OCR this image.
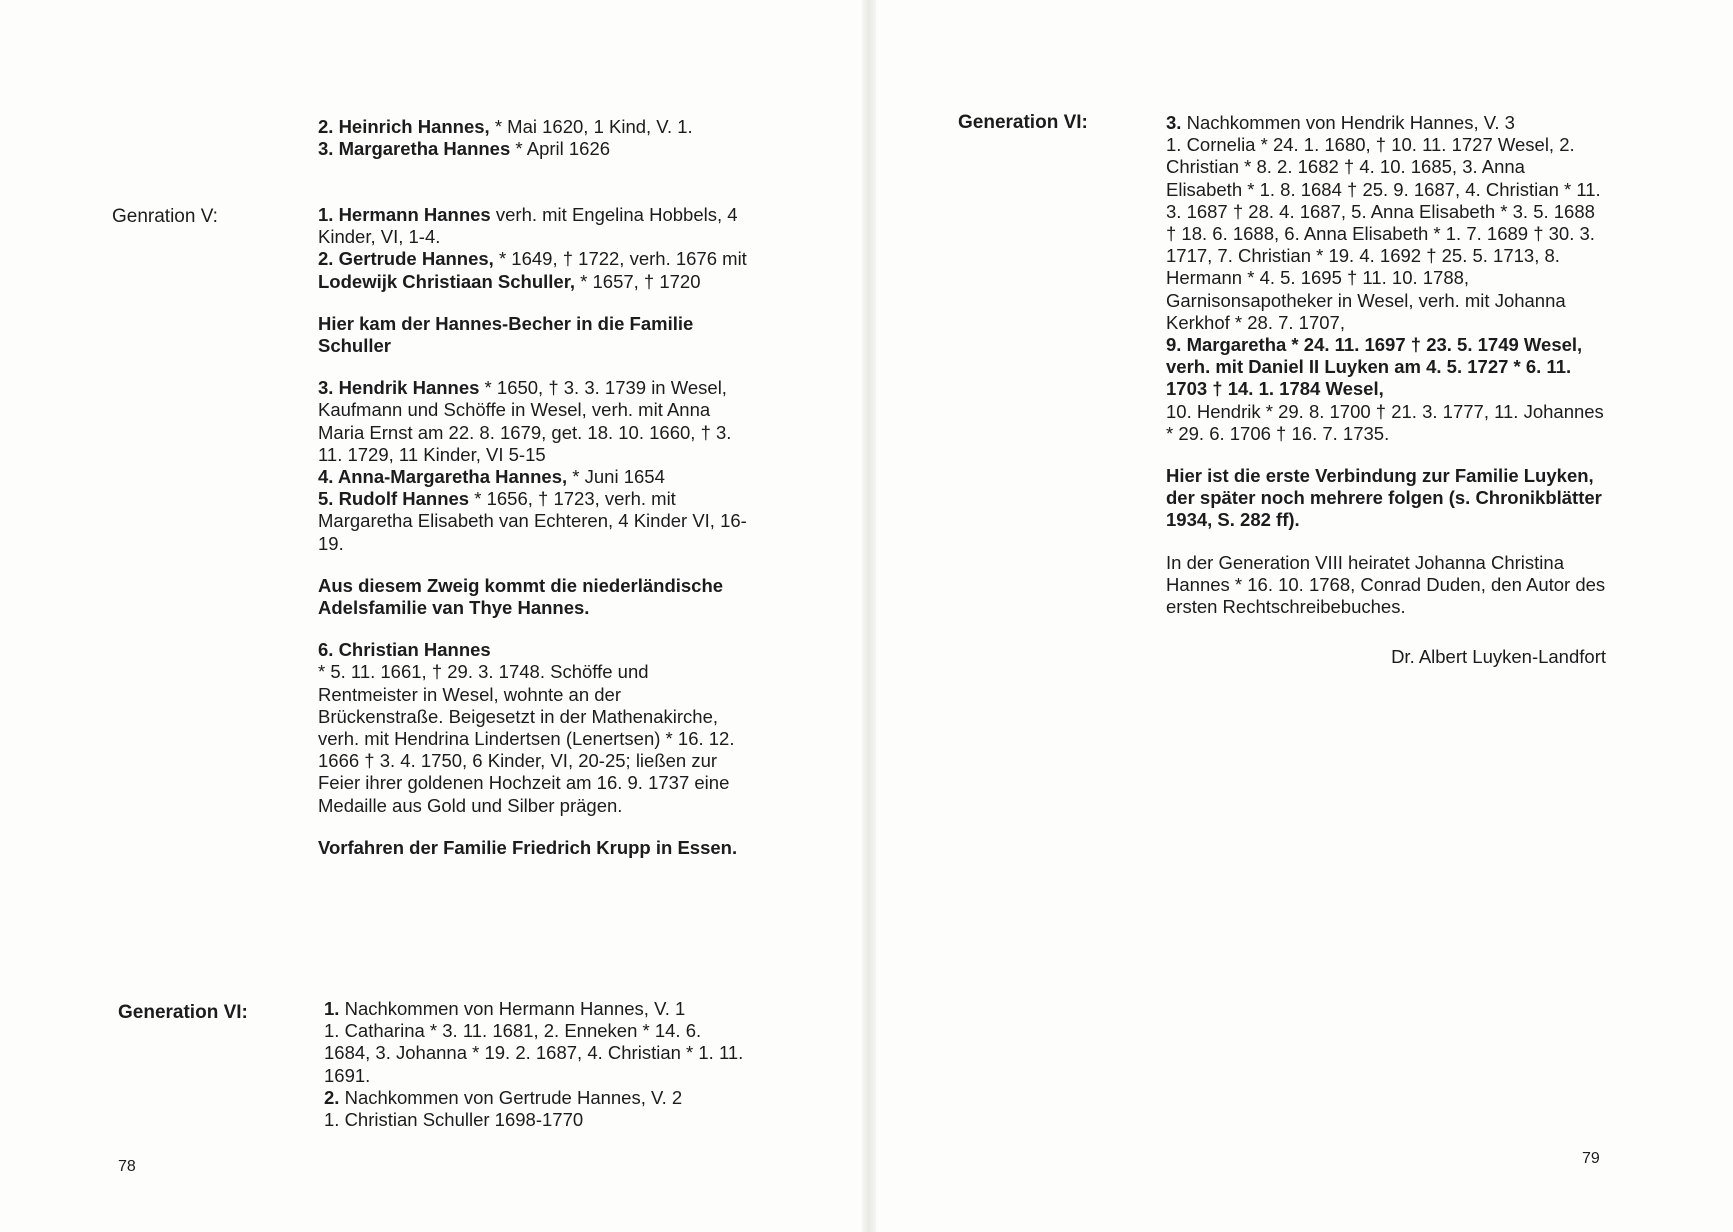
2. Heinrich Hannes, * Mai 1620, 1 Kind, V. 1.

3. Margaretha Hannes * April 1626

Genration V:	1. Hermann Hannes verh. mit Engelina Hobbels, 4 Kinder, VI, 1-4.

2. Gertrude Hannes, * 1649, † 1722, verh. 1676 mit Lodewijk Christiaan Schuller, * 1657, † 1720

Hier kam der Hannes-Becher in die Familie Schuller

3. Hendrik Hannes * 1650, † 3. 3. 1739 in Wesel, Kaufmann und Schöffe in Wesel, verh. mit Anna Maria Ernst am 22. 8. 1679, get. 18. 10. 1660, † 3. 11. 1729, 11 Kinder, VI 5-15

4. Anna-Margaretha Hannes, * Juni 1654

5. Rudolf Hannes * 1656, † 1723, verh. mit Margaretha Elisabeth van Echteren, 4 Kinder VI, 16-19.

Aus diesem Zweig kommt die niederländische Adelsfamilie van Thye Hannes.

6. Christian Hannes

* 5. 11. 1661, † 29. 3. 1748. Schöffe und Rentmeister in Wesel, wohnte an der Brückenstraße. Beigesetzt in der Mathenakirche, verh. mit Hendrina Lindertsen (Lenertsen) * 16. 12. 1666 † 3. 4. 1750, 6 Kinder, VI, 20-25; ließen zur Feier ihrer goldenen Hochzeit am 16. 9. 1737 eine Medaille aus Gold und Silber prägen.

Vorfahren der Familie Friedrich Krupp in Essen.

Generation VI:	1. Nachkommen von Hermann Hannes, V. 1

1. Catharina * 3. 11. 1681, 2. Enneken * 14. 6. 1684, 3. Johanna * 19. 2. 1687, 4. Christian * 1. 11. 1691.

2. Nachkommen von Gertrude Hannes, V. 2

1. Christian Schuller 1698-1770

78
Generation VI:	3. Nachkommen von Hendrik Hannes, V. 3

1. Cornelia * 24. 1. 1680, † 10. 11. 1727 Wesel, 2. Christian * 8. 2. 1682 † 4. 10. 1685, 3. Anna Elisabeth * 1. 8. 1684 † 25. 9. 1687, 4. Christian * 11. 3. 1687 † 28. 4. 1687, 5. Anna Elisabeth * 3. 5. 1688 † 18. 6. 1688, 6. Anna Elisabeth * 1. 7. 1689 † 30. 3. 1717, 7. Christian * 19. 4. 1692 † 25. 5. 1713, 8. Hermann * 4. 5. 1695 † 11. 10. 1788, Garnisonsapotheker in Wesel, verh. mit Johanna Kerkhof * 28. 7. 1707,

9. Margaretha * 24. 11. 1697 † 23. 5. 1749 Wesel, verh. mit Daniel II Luyken am 4. 5. 1727 * 6. 11. 1703 † 14. 1. 1784 Wesel,

10. Hendrik * 29. 8. 1700 † 21. 3. 1777, 11. Johannes * 29. 6. 1706 † 16. 7. 1735.

Hier ist die erste Verbindung zur Familie Luyken, der später noch mehrere folgen (s. Chronikblätter 1934, S. 282 ff).

In der Generation VIII heiratet Johanna Christina Hannes * 16. 10. 1768, Conrad Duden, den Autor des ersten Rechtschreibebuches.

Dr. Albert Luyken-Landfort

79
